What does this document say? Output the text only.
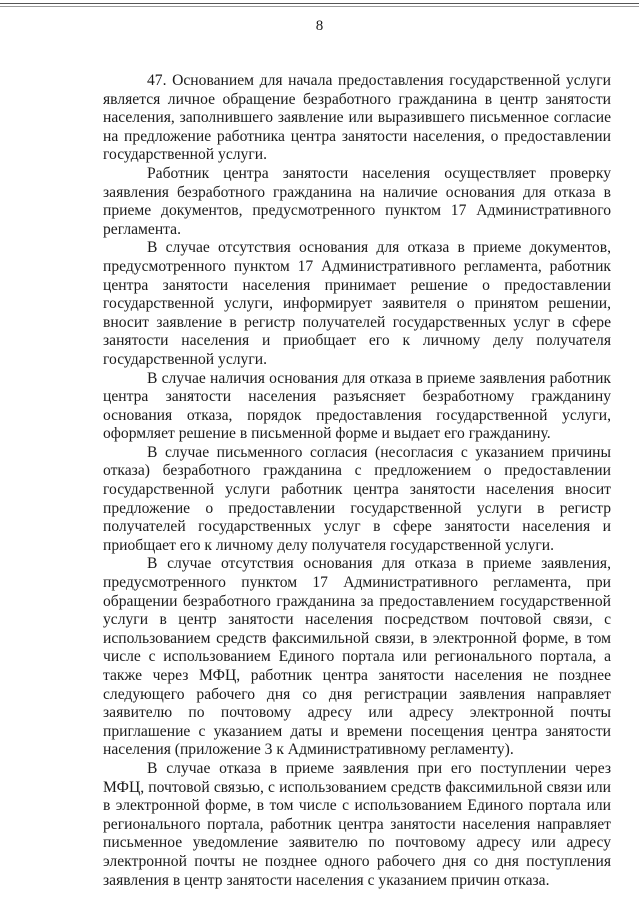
8

47. Основанием для начала предоставления государственной услуги является личное обращение безработного гражданина в центр занятости населения, заполнившего заявление или выразившего письменное согласие на предложение работника центра занятости населения, о предоставлении государственной услуги.

Работник центра занятости населения осуществляет проверку заявления безработного гражданина на наличие основания для отказа в приеме документов, предусмотренного пунктом 17 Административного регламента.

В случае отсутствия основания для отказа в приеме документов, предусмотренного пунктом 17 Административного регламента, работник центра занятости населения принимает решение о предоставлении государственной услуги, информирует заявителя о принятом решении, вносит заявление в регистр получателей государственных услуг в сфере занятости населения и приобщает его к личному делу получателя государственной услуги.

В случае наличия основания для отказа в приеме заявления работник центра занятости населения разъясняет безработному гражданину основания отказа, порядок предоставления государственной услуги, оформляет решение в письменной форме и выдает его гражданину.

В случае письменного согласия (несогласия с указанием причины отказа) безработного гражданина с предложением о предоставлении государственной услуги работник центра занятости населения вносит предложение о предоставлении государственной услуги в регистр получателей государственных услуг в сфере занятости населения и приобщает его к личному делу получателя государственной услуги.

В случае отсутствия основания для отказа в приеме заявления, предусмотренного пунктом 17 Административного регламента, при обращении безработного гражданина за предоставлением государственной услуги в центр занятости населения посредством почтовой связи, с использованием средств факсимильной связи, в электронной форме, в том числе с использованием Единого портала или регионального портала, а также через МФЦ, работник центра занятости населения не позднее следующего рабочего дня со дня регистрации заявления направляет заявителю по почтовому адресу или адресу электронной почты приглашение с указанием даты и времени посещения центра занятости населения (приложение 3 к Административному регламенту).

В случае отказа в приеме заявления при его поступлении через МФЦ, почтовой связью, с использованием средств факсимильной связи или в электронной форме, в том числе с использованием Единого портала или регионального портала, работник центра занятости населения направляет письменное уведомление заявителю по почтовому адресу или адресу электронной почты не позднее одного рабочего дня со дня поступления заявления в центр занятости населения с указанием причин отказа.
